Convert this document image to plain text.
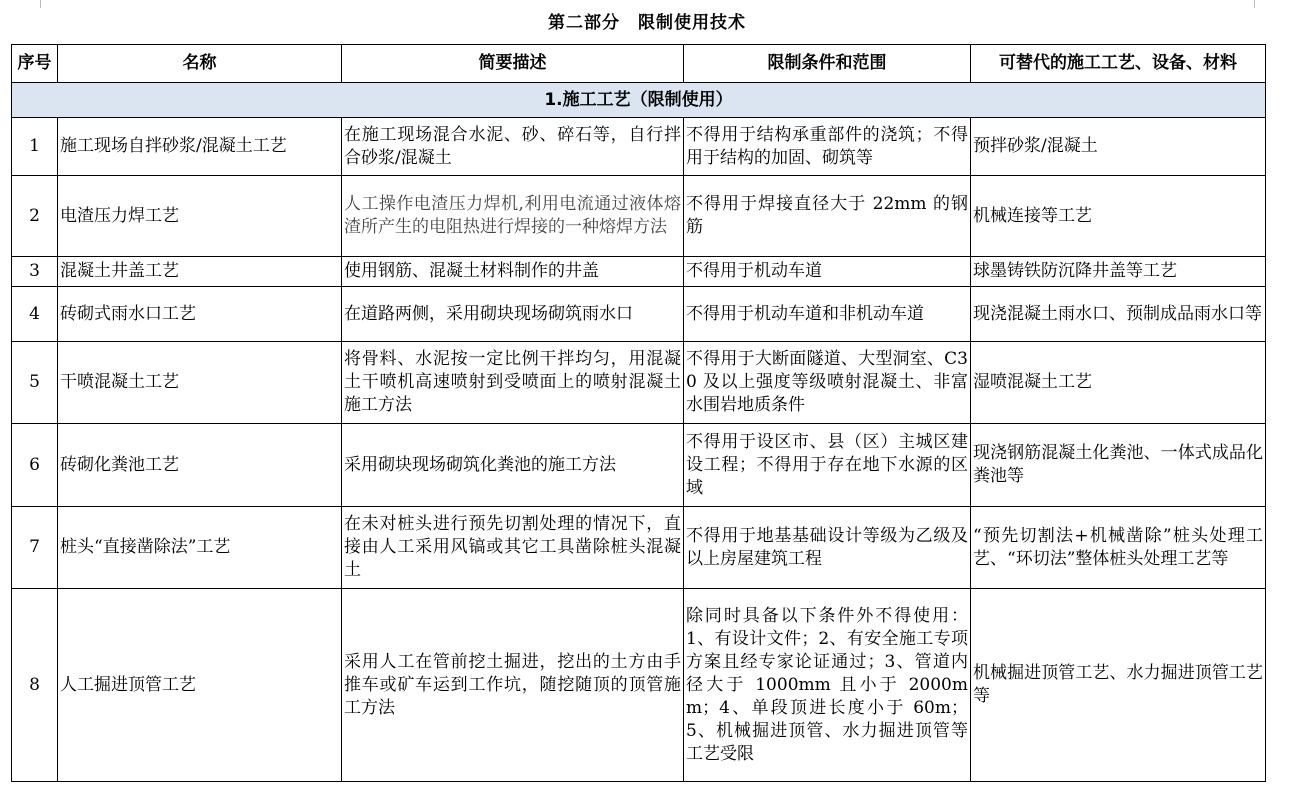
第二部分　限制使用技术
序号	名称	简要描述	限制条件和范围	可替代的施工工艺、设备、材料
1.施工工艺（限制使用）				
1	施工现场自拌砂浆/混凝土工艺	在施工现场混合水泥、砂、碎石等，自行拌合砂浆/混凝土	不得用于结构承重部件的浇筑；不得用于结构的加固、砌筑等	预拌砂浆/混凝土
2	电渣压力焊工艺	人工操作电渣压力焊机,利用电流通过液体熔渣所产生的电阻热进行焊接的一种熔焊方法	不得用于焊接直径大于 22mm 的钢筋	机械连接等工艺
3	混凝土井盖工艺	使用钢筋、混凝土材料制作的井盖	不得用于机动车道	球墨铸铁防沉降井盖等工艺
4	砖砌式雨水口工艺	在道路两侧，采用砌块现场砌筑雨水口	不得用于机动车道和非机动车道	现浇混凝土雨水口、预制成品雨水口等
5	干喷混凝土工艺	将骨料、水泥按一定比例干拌均匀，用混凝土干喷机高速喷射到受喷面上的喷射混凝土施工方法	不得用于大断面隧道、大型洞室、C30 及以上强度等级喷射混凝土、非富水围岩地质条件	湿喷混凝土工艺
6	砖砌化粪池工艺	采用砌块现场砌筑化粪池的施工方法	不得用于设区市、县（区）主城区建设工程；不得用于存在地下水源的区域	现浇钢筋混凝土化粪池、一体式成品化粪池等
7	桩头“直接凿除法”工艺	在未对桩头进行预先切割处理的情况下，直接由人工采用风镐或其它工具凿除桩头混凝土	不得用于地基基础设计等级为乙级及以上房屋建筑工程	“预先切割法+机械凿除”桩头处理工艺、“环切法”整体桩头处理工艺等
8	人工掘进顶管工艺	采用人工在管前挖土掘进，挖出的土方由手推车或矿车运到工作坑，随挖随顶的顶管施工方法	除同时具备以下条件外不得使用：1、有设计文件；2、有安全施工专项方案且经专家论证通过；3、管道内径大于 1000mm 且小于 2000mm；4、单段顶进长度小于 60m；5、机械掘进顶管、水力掘进顶管等工艺受限	机械掘进顶管工艺、水力掘进顶管工艺等
